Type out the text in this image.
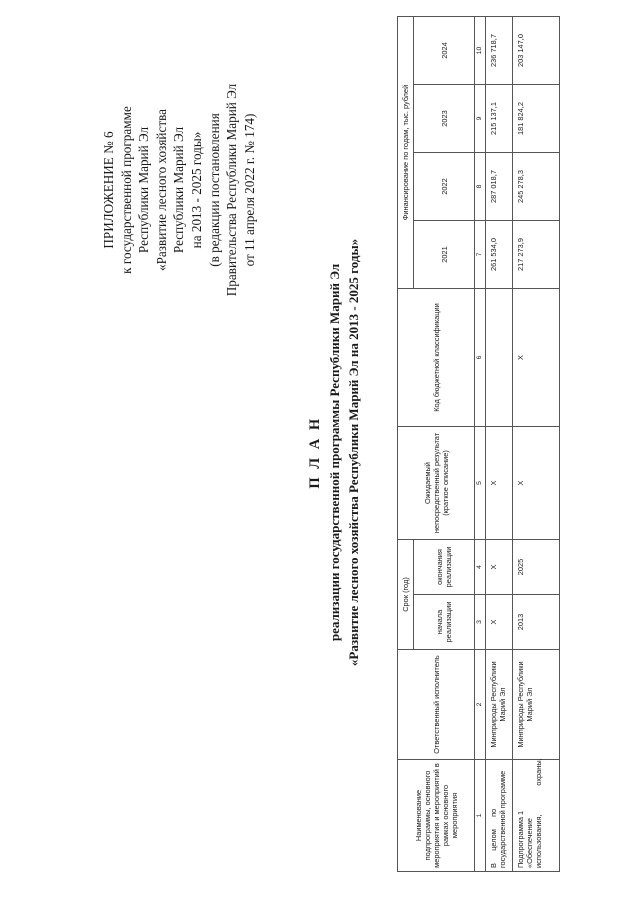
ПРИЛОЖЕНИЕ № 6 к государственной программе Республики Марий Эл «Развитие лесного хозяйства Республики Марий Эл на 2013 - 2025 годы» (в редакции постановления Правительства Республики Марий Эл от 11 апреля 2022 г. № 174)
П Л А Н реализации государственной программы Республики Марий Эл «Развитие лесного хозяйства Республики Марий Эл на 2013 - 2025 годы»
Наименование подпрограммы, основного мероприятия и мероприятий в рамках основного мероприятия	Ответственный исполнитель	Срок (год)		Ожидаемый непосредственный результат (краткое описание)	Код бюджетной классификации	Финансирование по годам, тыс. рублей			
		начала реализации	окончания реализации			2021	2022	2023	2024
1	2	3	4	5	6	7	8	9	10

В      целом      по государственной программе	Минприроды Республики Марий Эл	Х	Х	Х		261 534,0	287 018,7	215 137,1	236 718,7

Подпрограмма 1 «Обеспечение использования,              охраны,	Минприроды Республики Марий Эл	2013	2025	Х	Х	217 273,9	245 278,3	181 824,2	203 147,0
